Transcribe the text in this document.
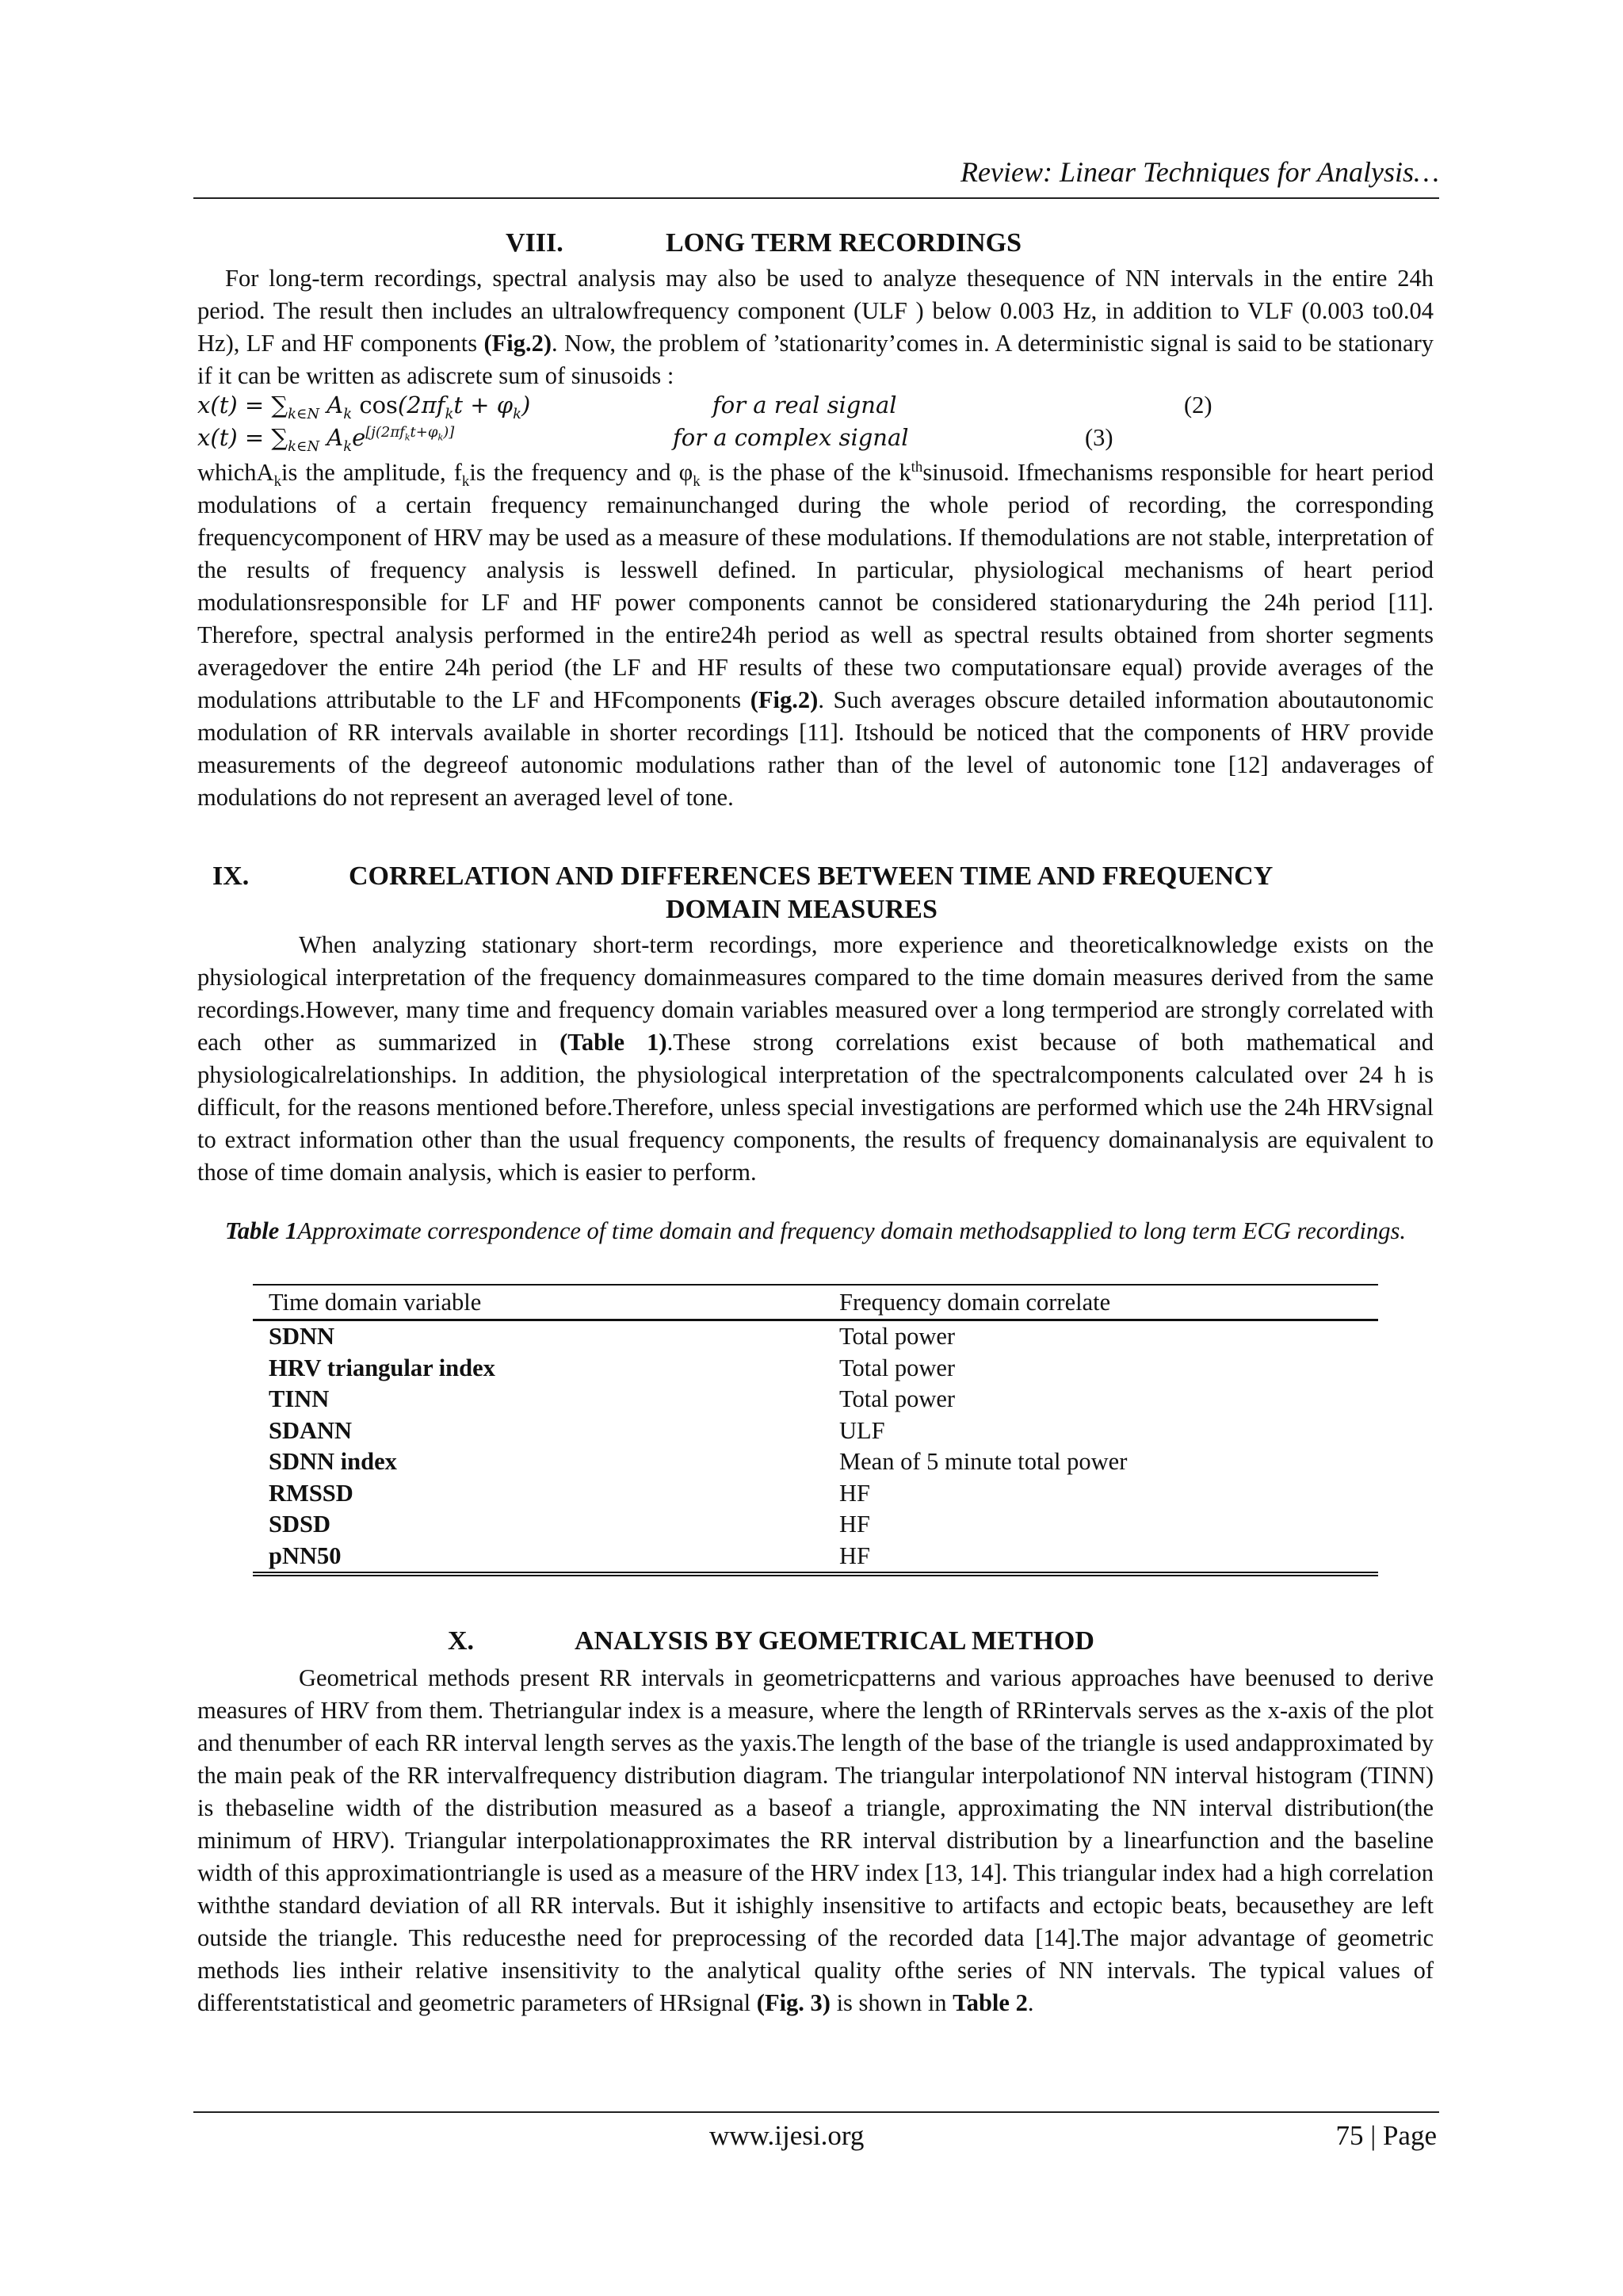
Review: Linear Techniques for Analysis…
VIII.	LONG TERM RECORDINGS
For long-term recordings, spectral analysis may also be used to analyze thesequence of NN intervals in the entire 24h period. The result then includes an ultralowfrequency component (ULF ) below 0.003 Hz, in addition to VLF (0.003 to0.04 Hz), LF and HF components (Fig.2). Now, the problem of ’stationarity’comes in. A deterministic signal is said to be stationary if it can be written as adiscrete sum of sinusoids :
$x(t) = \sum_{k\in N}$ $A_k$ $\cos(2\pi f_kt + \varphi_k)$	for a real signal	(2)
$x(t) = \sum_{k\in N}$ $A_ke[j(2\pi fkt+\varphi k)]$	for a complex signal	(3)
whichA$_k$is the amplitude, $f_kis$ the frequency and $\varphi_k$ is the phase of the $k^{th}sinusoid$. Ifmechanisms responsible for heart period modulations of a certain frequency remainunchanged during the whole period of recording, the corresponding frequencycomponent of HRV may be used as a measure of these modulations. If themodulations are not stable, interpretation of the results of frequency analysis is lesswell defined. In particular, physiological mechanisms of heart period modulationsresponsible for LF and HF power components cannot be considered stationaryduring the 24h period [11]. Therefore, spectral analysis performed in the entire24h period as well as spectral results obtained from shorter segments averagedover the entire 24h period (the LF and HF results of these two computationsare equal) provide averages of the modulations attributable to the LF and HFcomponents (Fig.2). Such averages obscure detailed information aboutautonomic modulation of RR intervals available in shorter recordings [11]. Itshould be noticed that the components of HRV provide measurements of the degreeof autonomic modulations rather than of the level of autonomic tone [12] andaverages of modulations do not represent an averaged level of tone.
IX.	CORRELATION AND DIFFERENCES BETWEEN TIME AND FREQUENCY
DOMAIN MEASURES
When analyzing stationary short-term recordings, more experience and theoreticalknowledge exists on the physiological interpretation of the frequency domainmeasures compared to the time domain measures derived from the same recordings.However, many time and frequency domain variables measured over a long termperiod are strongly correlated with each other as summarized in (Table 1).These strong correlations exist because of both mathematical and physiologicalrelationships. In addition, the physiological interpretation of the spectralcomponents calculated over 24 h is difficult, for the reasons mentioned before.Therefore, unless special investigations are performed which use the 24h HRVsignal to extract information other than the usual frequency components, the results of frequency domainanalysis are equivalent to those of time domain analysis, which is easier to perform.
Table 1Approximate correspondence of time domain and frequency domain methodsapplied to long term ECG recordings.
Time domain variable	Frequency domain correlate
SDNN	Total power
HRV triangular index	Total power
TINN	Total power
SDANN	ULF
SDNN index	Mean of 5 minute total power
RMSSD	HF
SDSD	HF
pNN50	HF
X.	ANALYSIS BY GEOMETRICAL METHOD
Geometrical methods present RR intervals in geometricpatterns and various approaches have beenused to derive measures of HRV from them. Thetriangular index is a measure, where the length of RRintervals serves as the x-axis of the plot and thenumber of each RR interval length serves as the yaxis.The length of the base of the triangle is used andapproximated by the main peak of the RR intervalfrequency distribution diagram. The triangular interpolationof NN interval histogram (TINN) is thebaseline width of the distribution measured as a baseof a triangle, approximating the NN interval distribution(the minimum of HRV). Triangular interpolationapproximates the RR interval distribution by a linearfunction and the baseline width of this approximationtriangle is used as a measure of the HRV index [13, 14]. This triangular index had a high correlation withthe standard deviation of all RR intervals. But it ishighly insensitive to artifacts and ectopic beats, becausethey are left outside the triangle. This reducesthe need for preprocessing of the recorded data [14].The major advantage of geometric methods lies intheir relative insensitivity to the analytical quality ofthe series of NN intervals. The typical values of differentstatistical and geometric parameters of HRsignal (Fig. 3) is shown in Table 2.
www.ijesi.org	75 | Page
